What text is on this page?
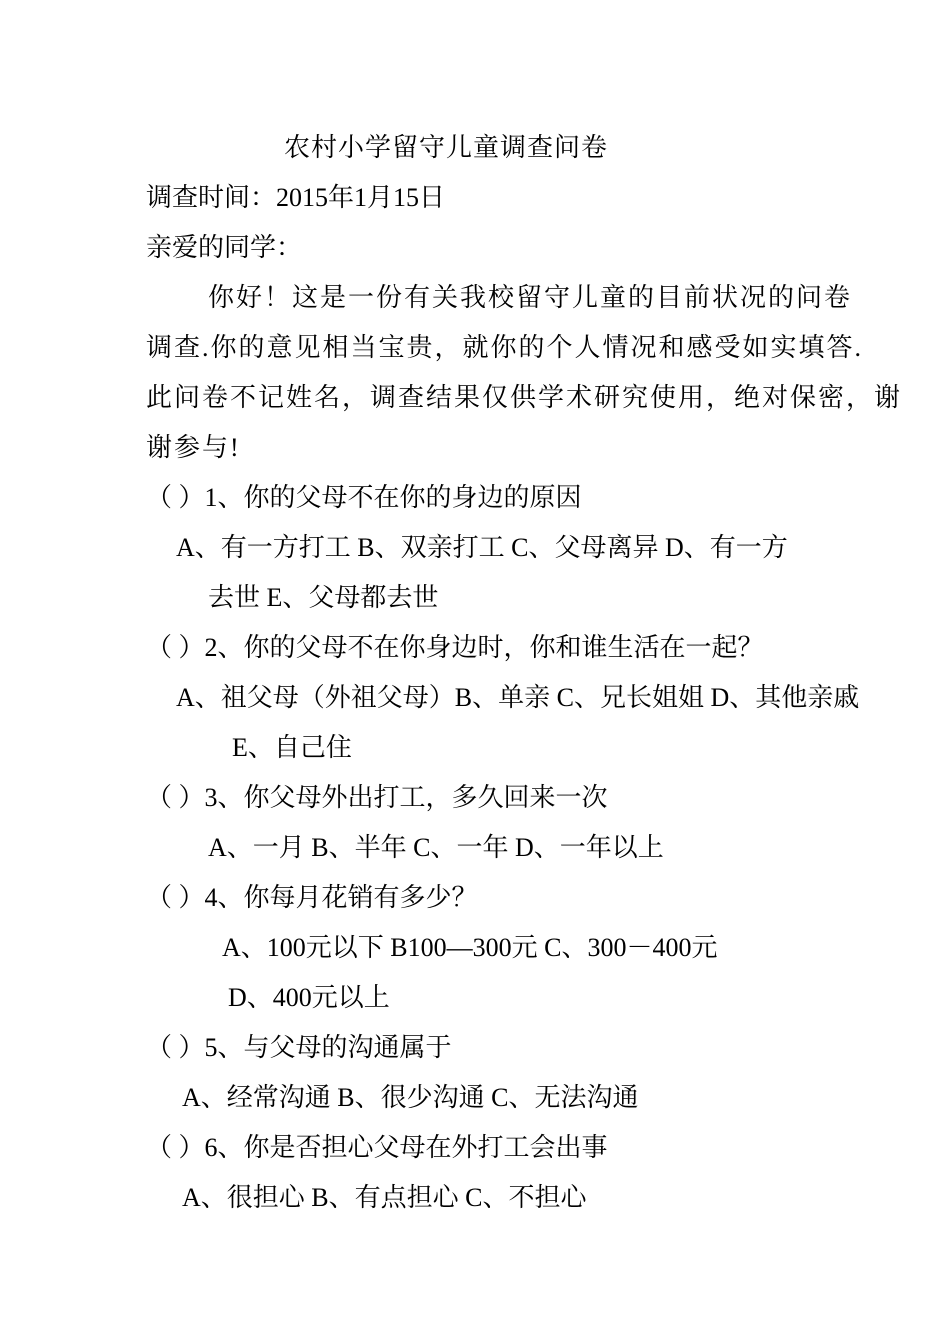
农村小学留守儿童调查问卷
调查时间：2015年1月15日
亲爱的同学：
你好！这是一份有关我校留守儿童的目前状况的问卷
调查.你的意见相当宝贵，就你的个人情况和感受如实填答.
此问卷不记姓名，调查结果仅供学术研究使用，绝对保密，谢
谢参与!
（ ）1、你的父母不在你的身边的原因
A、有一方打工 B、双亲打工 C、父母离异 D、有一方
去世 E、父母都去世
（ ）2、你的父母不在你身边时，你和谁生活在一起？
A、祖父母（外祖父母）B、单亲 C、兄长姐姐 D、其他亲戚
E、自己住
（ ）3、你父母外出打工，多久回来一次
A、一月 B、半年 C、一年 D、一年以上
（ ）4、你每月花销有多少？
A、100元以下 B100—300元 C、300－400元
D、400元以上
（ ）5、与父母的沟通属于
A、经常沟通 B、很少沟通 C、无法沟通
（ ）6、你是否担心父母在外打工会出事
A、很担心 B、有点担心 C、不担心
